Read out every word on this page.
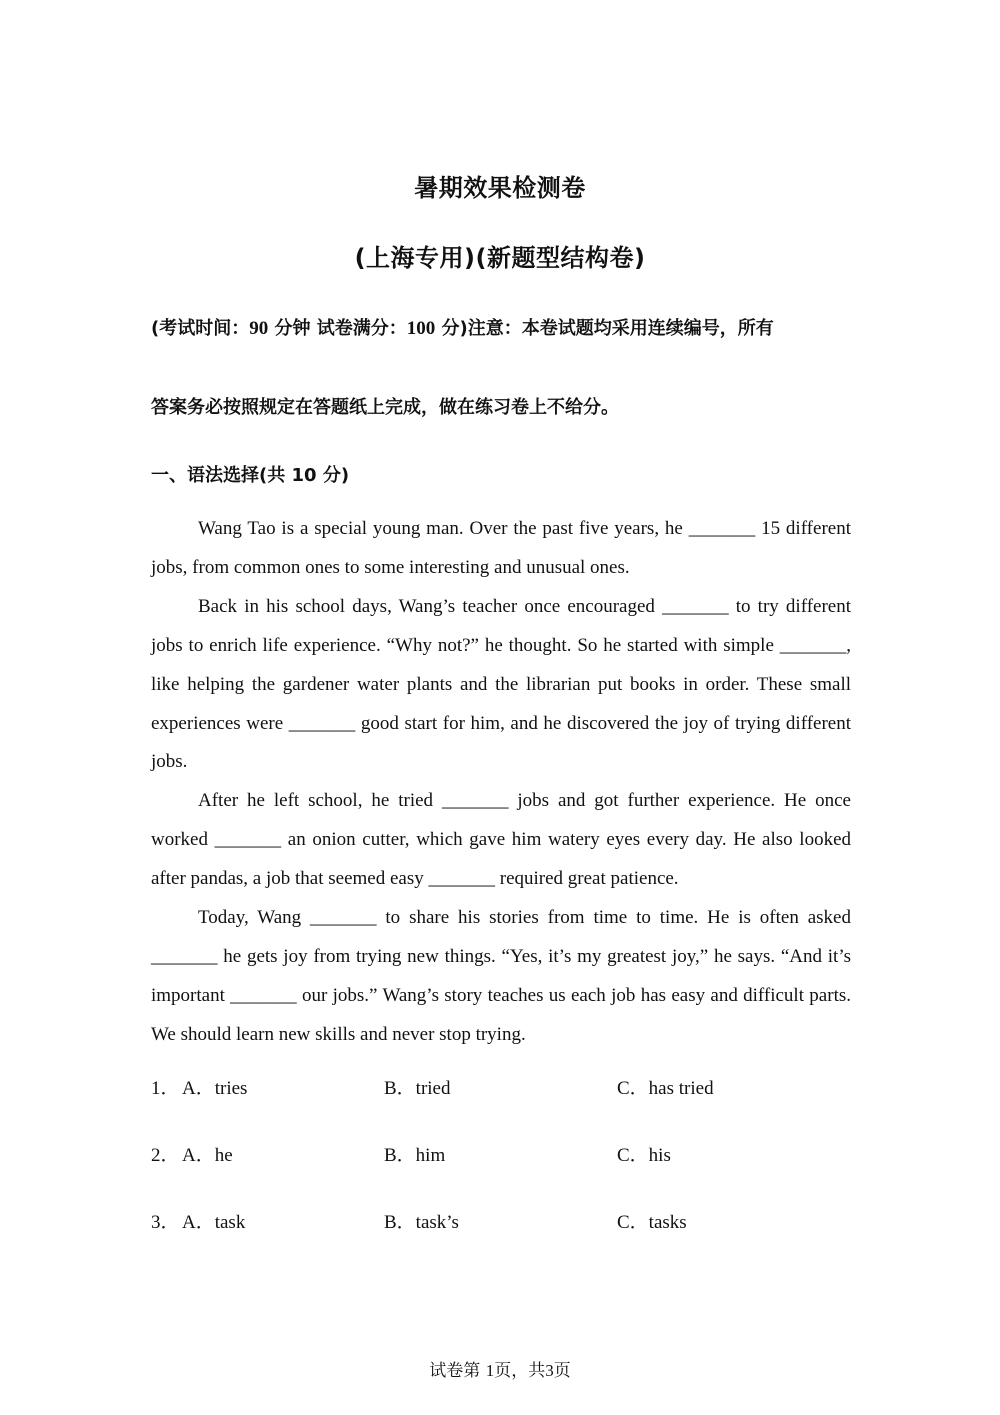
暑期效果检测卷
(上海专用)(新题型结构卷)
(考试时间：90 分钟 试卷满分：100 分)注意：本卷试题均采用连续编号，所有
答案务必按照规定在答题纸上完成，做在练习卷上不给分。
一、语法选择(共 10 分)

Wang Tao is a special young man. Over the past five years, he _______ 15 different jobs, from common ones to some interesting and unusual ones.

Back in his school days, Wang’s teacher once encouraged _______ to try different jobs to enrich life experience. “Why not?” he thought. So he started with simple _______, like helping the gardener water plants and the librarian put books in order. These small experiences were _______ good start for him, and he discovered the joy of trying different jobs.

After he left school, he tried _______ jobs and got further experience. He once worked _______ an onion cutter, which gave him watery eyes every day. He also looked after pandas, a job that seemed easy _______ required great patience.

Today, Wang _______ to share his stories from time to time. He is often asked _______ he gets joy from trying new things. “Yes, it’s my greatest joy,” he says. “And it’s important _______ our jobs.” Wang’s story teaches us each job has easy and difficult parts. We should learn new skills and never stop trying.

1． A．tries	B．tried	C．has tried
2． A．he	B．him	C．his
3． A．task	B．task’s	C．tasks
试卷第 1页，共3页
